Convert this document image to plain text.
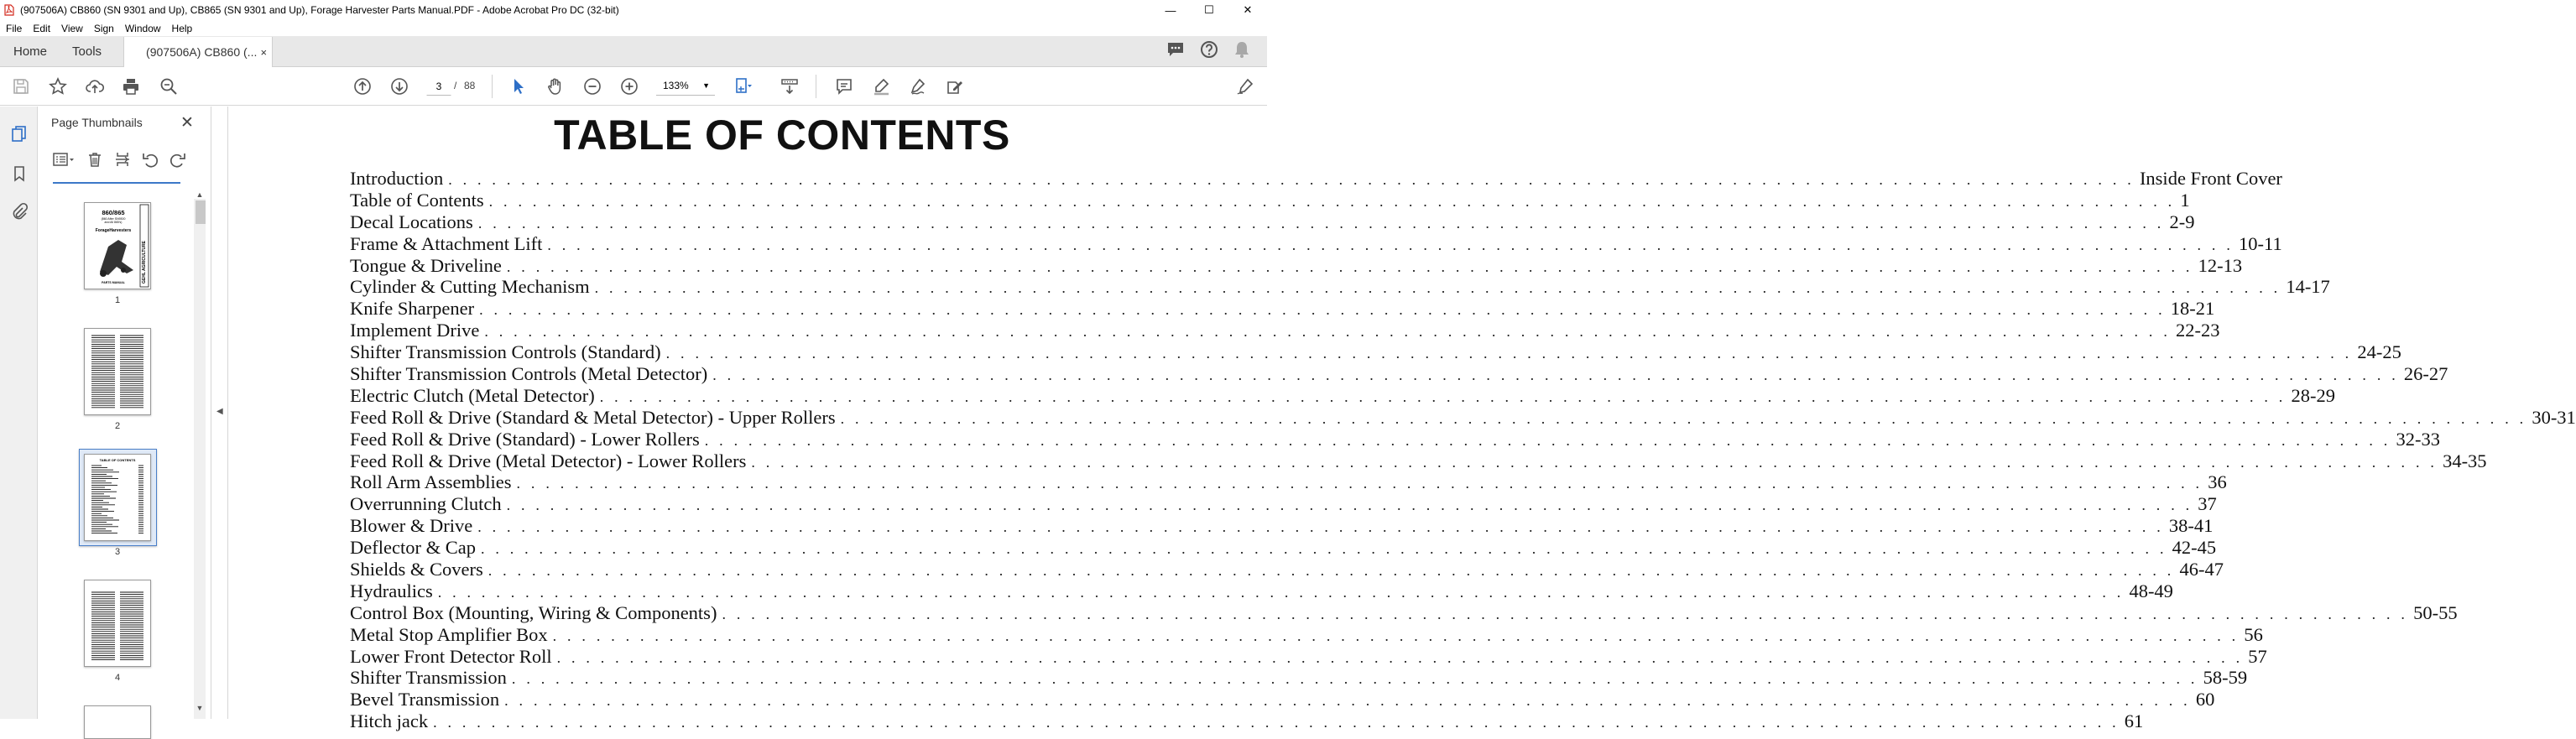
(907506A) CB860 (SN 9301 and Up), CB865 (SN 9301 and Up), Forage Harvester Parts Manual.PDF - Adobe Acrobat Pro DC (32-bit)	—	☐	✕
File	Edit	View	Sign	Window	Help
Home	Tools	(907506A) CB860 (... ×
3	/ 88	133% ▼
Page Thumbnails ✕
860/865
(860 After SN9300
and All 865's)
ForageHarvesters
GEHL AGRICULTURE
PARTS MANUAL
1
2
TABLE OF CONTENTS
3
4
▲
▼
◀
TABLE OF CONTENTS
Introduction . . .	Inside Front Cover
Table of Contents . . .	1
Decal Locations . . .	2-9
Frame & Attachment Lift . . .	10-11
Tongue & Driveline . . .	12-13
Cylinder & Cutting Mechanism . . .	14-17
Knife Sharpener . . .	18-21
Implement Drive . . .	22-23
Shifter Transmission Controls (Standard) . . .	24-25
Shifter Transmission Controls (Metal Detector) . . .	26-27
Electric Clutch (Metal Detector) . . .	28-29
Feed Roll & Drive (Standard & Metal Detector) - Upper Rollers . . .	30-31
Feed Roll & Drive (Standard) - Lower Rollers . . .	32-33
Feed Roll & Drive (Metal Detector) - Lower Rollers . . .	34-35
Roll Arm Assemblies . . .	36
Overrunning Clutch . . .	37
Blower & Drive . . .	38-41
Deflector & Cap . . .	42-45
Shields & Covers . . .	46-47
Hydraulics . . .	48-49
Control Box (Mounting, Wiring & Components) . . .	50-55
Metal Stop Amplifier Box . . .	56
Lower Front Detector Roll . . .	57
Shifter Transmission . . .	58-59
Bevel Transmission . . .	60
Hitch jack . . .	61
